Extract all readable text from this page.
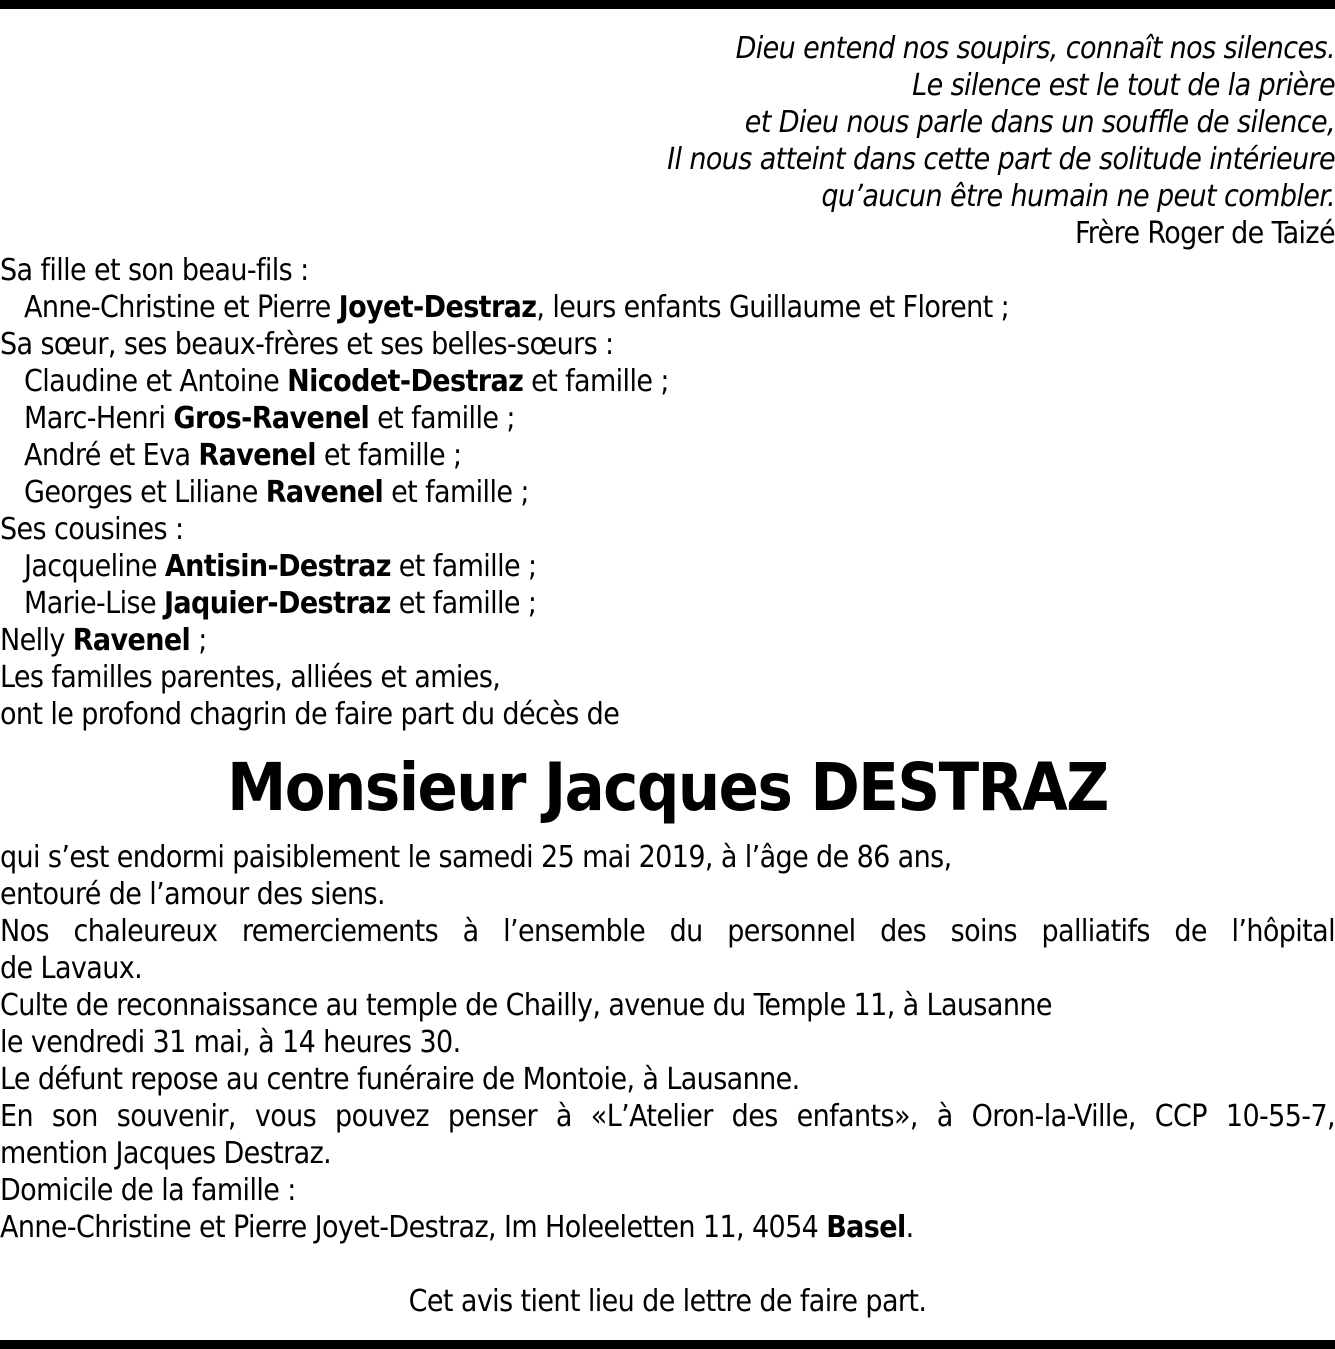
Dieu entend nos soupirs, connaît nos silences.
Le silence est le tout de la prière
et Dieu nous parle dans un souffle de silence,
Il nous atteint dans cette part de solitude intérieure
qu’aucun être humain ne peut combler.
Frère Roger de Taizé
Sa fille et son beau-fils :
Anne-Christine et Pierre Joyet-Destraz, leurs enfants Guillaume et Florent ;
Sa sœur, ses beaux-frères et ses belles-sœurs :
Claudine et Antoine Nicodet-Destraz et famille ;
Marc-Henri Gros-Ravenel et famille ;
André et Eva Ravenel et famille ;
Georges et Liliane Ravenel et famille ;
Ses cousines :
Jacqueline Antisin-Destraz et famille ;
Marie-Lise Jaquier-Destraz et famille ;
Nelly Ravenel ;
Les familles parentes, alliées et amies,
ont le profond chagrin de faire part du décès de
Monsieur Jacques DESTRAZ
qui s’est endormi paisiblement le samedi 25 mai 2019, à l’âge de 86 ans,
entouré de l’amour des siens.
Nos chaleureux remerciements à l’ensemble du personnel des soins palliatifs de l’hôpital
de Lavaux.
Culte de reconnaissance au temple de Chailly, avenue du Temple 11, à Lausanne
le vendredi 31 mai, à 14 heures 30.
Le défunt repose au centre funéraire de Montoie, à Lausanne.
En son souvenir, vous pouvez penser à «L’Atelier des enfants», à Oron-la-Ville, CCP 10-55-7,
mention Jacques Destraz.
Domicile de la famille :
Anne-Christine et Pierre Joyet-Destraz, Im Holeeletten 11, 4054 Basel.
Cet avis tient lieu de lettre de faire part.
